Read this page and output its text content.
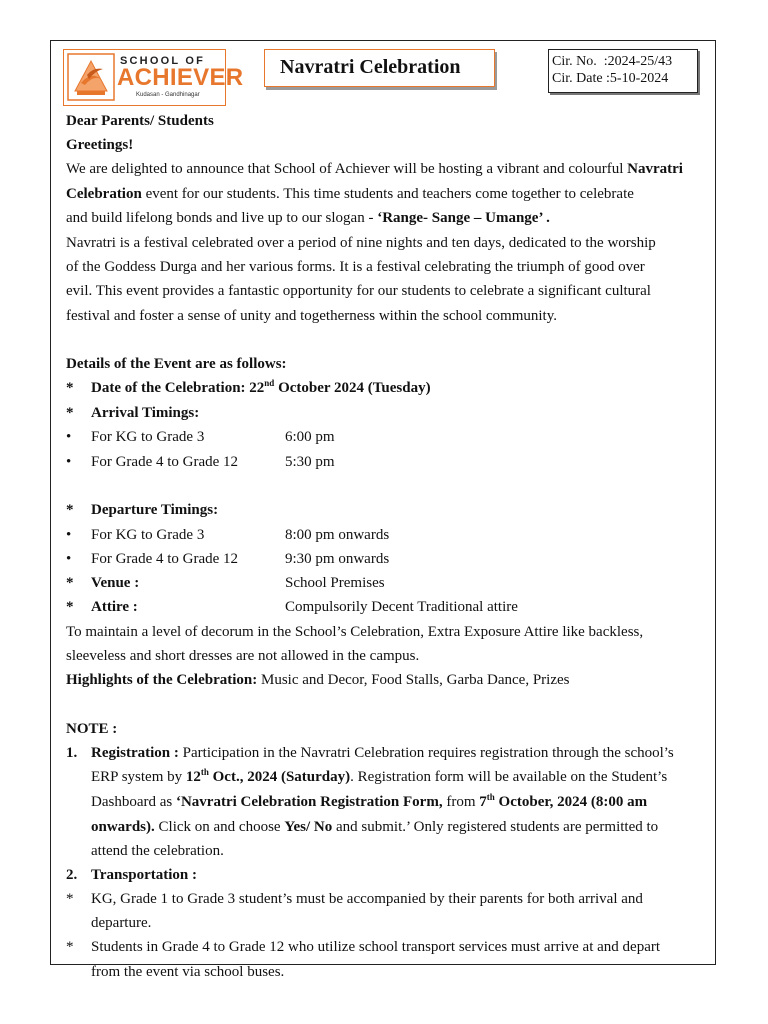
SCHOOL OF
ACHIEVER
Kudasan - Gandhinagar
Navratri Celebration	Cir. No. :2024-25/43
Cir. Date :5-10-2024
Dear Parents/ Students
Greetings!
We are delighted to announce that School of Achiever will be hosting a vibrant and colourful Navratri
Celebration event for our students. This time students and teachers come together to celebrate
and build lifelong bonds and live up to our slogan - ‘Range- Sange – Umange’ .
Navratri is a festival celebrated over a period of nine nights and ten days, dedicated to the worship
of the Goddess Durga and her various forms. It is a festival celebrating the triumph of good over
evil. This event provides a fantastic opportunity for our students to celebrate a significant cultural
festival and foster a sense of unity and togetherness within the school community.
Details of the Event are as follows:
* Date of the Celebration: 22nd October 2024 (Tuesday)
* Arrival Timings:
• For KG to Grade 3	6:00 pm
• For Grade 4 to Grade 12	5:30 pm
* Departure Timings:
• For KG to Grade 3	8:00 pm onwards
• For Grade 4 to Grade 12	9:30 pm onwards
* Venue :	School Premises
* Attire :	Compulsorily Decent Traditional attire
To maintain a level of decorum in the School’s Celebration, Extra Exposure Attire like backless,
sleeveless and short dresses are not allowed in the campus.
Highlights of the Celebration: Music and Decor, Food Stalls, Garba Dance, Prizes
NOTE :
1. Registration : Participation in the Navratri Celebration requires registration through the school’s
ERP system by 12th Oct., 2024 (Saturday). Registration form will be available on the Student’s
Dashboard as ‘Navratri Celebration Registration Form, from 7th October, 2024 (8:00 am
onwards). Click on and choose Yes/ No and submit.’ Only registered students are permitted to
attend the celebration.
2. Transportation :
* KG, Grade 1 to Grade 3 student’s must be accompanied by their parents for both arrival and
departure.
* Students in Grade 4 to Grade 12 who utilize school transport services must arrive at and depart
from the event via school buses.
